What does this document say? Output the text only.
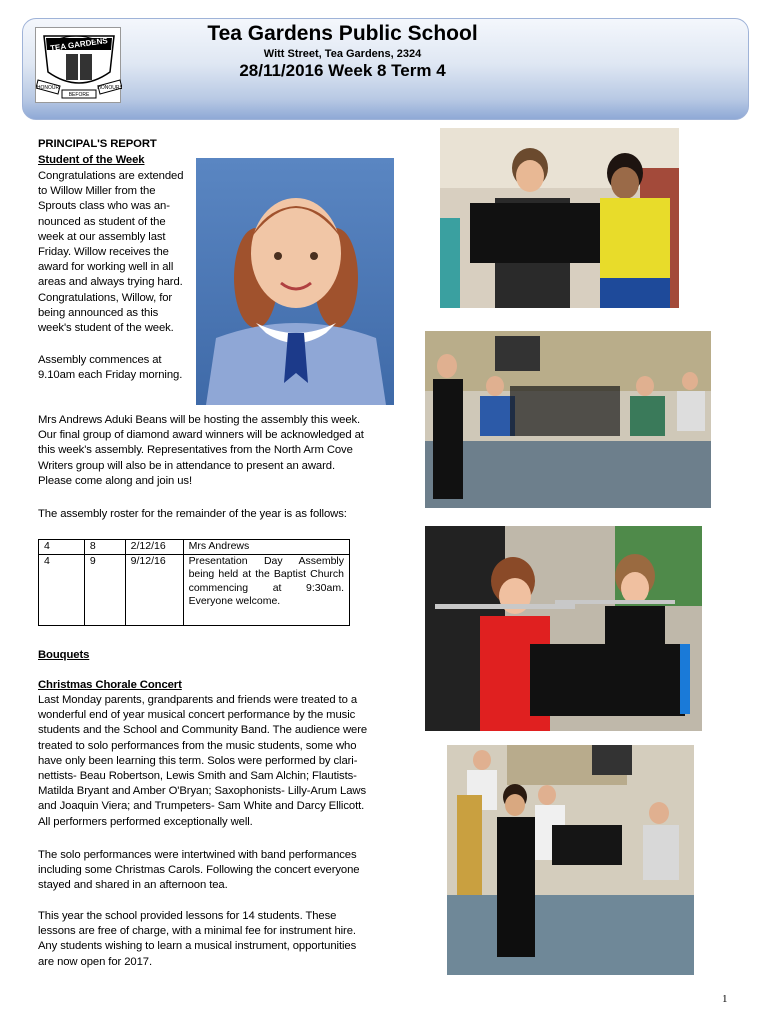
TEA GARDENS
HONOUR
BEFORE
HONOURS
Tea Gardens Public School
Witt Street, Tea Gardens, 2324
28/11/2016 Week 8 Term 4
PRINCIPAL'S REPORT
Student of the Week
Congratulations are extended
to Willow Miller from the
Sprouts class who was an-
nounced as student of the
week at our assembly last
Friday. Willow receives the
award for working well in all
areas and always trying hard.
Congratulations, Willow, for
being announced as this
week's student of the week.
Assembly commences at
9.10am each Friday morning.
Mrs Andrews Aduki Beans will be hosting the assembly this week.
Our final group of diamond award winners will be acknowledged at
this week's assembly. Representatives from the North Arm Cove
Writers group will also be in attendance to present an award.
Please come along and join us!
The assembly roster for the remainder of the year is as follows:
4	8	2/12/16	Mrs Andrews
4	9	9/12/16	Presentation Day Assembly being held at the Baptist Church commencing at 9:30am. Everyone welcome.
Bouquets
Christmas Chorale Concert
Last Monday parents, grandparents and friends were treated to a
wonderful end of year musical concert performance by the music
students and the School and Community Band. The audience were
treated to solo performances from the music students, some who
have only been learning this term. Solos were performed by clari-
nettists- Beau Robertson, Lewis Smith and Sam Alchin; Flautists-
Matilda Bryant and Amber O'Bryan; Saxophonists- Lilly-Arum Laws
and Joaquin Viera; and Trumpeters- Sam White and Darcy Ellicott.
All performers performed exceptionally well.
The solo performances were intertwined with band performances
including some Christmas Carols. Following the concert everyone
stayed and shared in an afternoon tea.
This year the school provided lessons for 14 students. These
lessons are free of charge, with a minimal fee for instrument hire.
Any students wishing to learn a musical instrument, opportunities
are now open for 2017.
1
